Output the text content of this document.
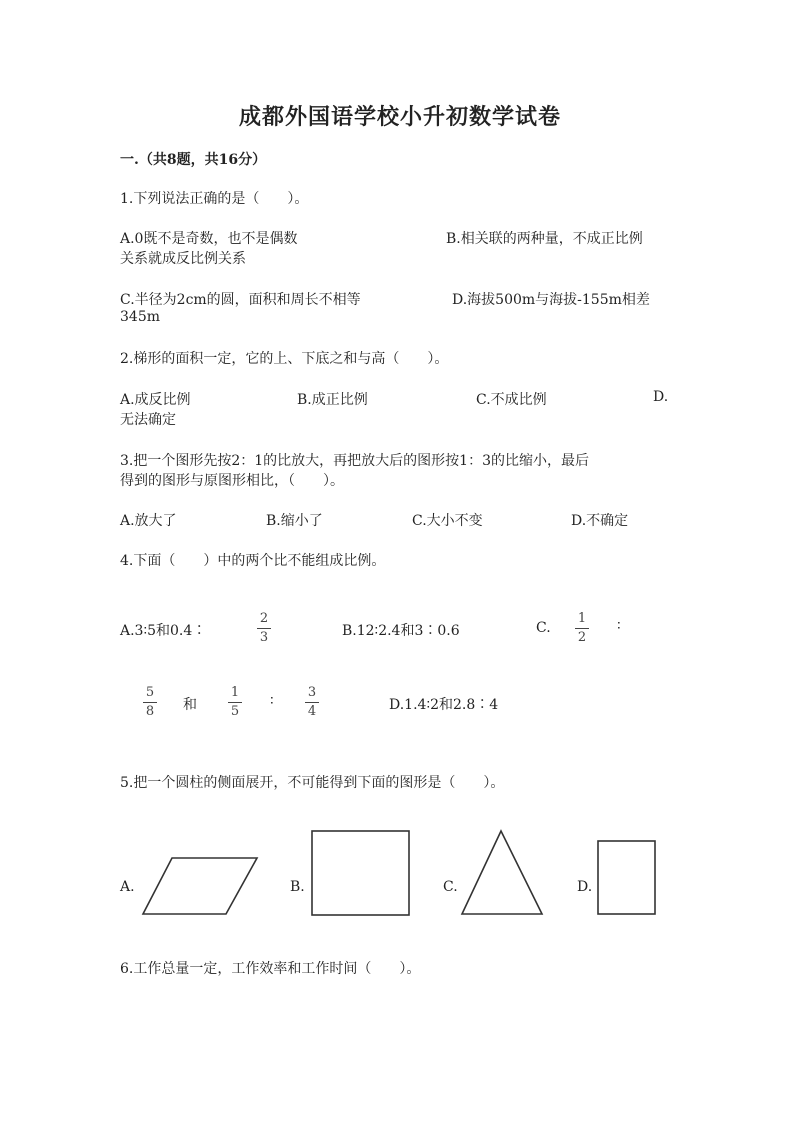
成都外国语学校小升初数学试卷
一.（共8题，共16分）
1.下列说法正确的是（　　）。
A.0既不是奇数，也不是偶数	B.相关联的两种量，不成正比例
关系就成反比例关系
C.半径为2cm的圆，面积和周长不相等	D.海拔500m与海拔-155m相差
345m
2.梯形的面积一定，它的上、下底之和与高（　　）。
A.成反比例	B.成正比例	C.不成比例	D.
无法确定
3.把一个图形先按2：1的比放大，再把放大后的图形按1：3的比缩小，最后
得到的图形与原图形相比，（　　）。
A.放大了	B.缩小了	C.大小不变	D.不确定
4.下面（　　）中的两个比不能组成比例。
A.3∶5和0.4∶
2
3	B.12∶2.4和3∶0.6	C.
1
2
∶
5
8	和
1
5
∶
3
4	D.1.4∶2和2.8∶4
5.把一个圆柱的侧面展开，不可能得到下面的图形是（　　）。
A.	B.	C.	D.
6.工作总量一定，工作效率和工作时间（　　）。
